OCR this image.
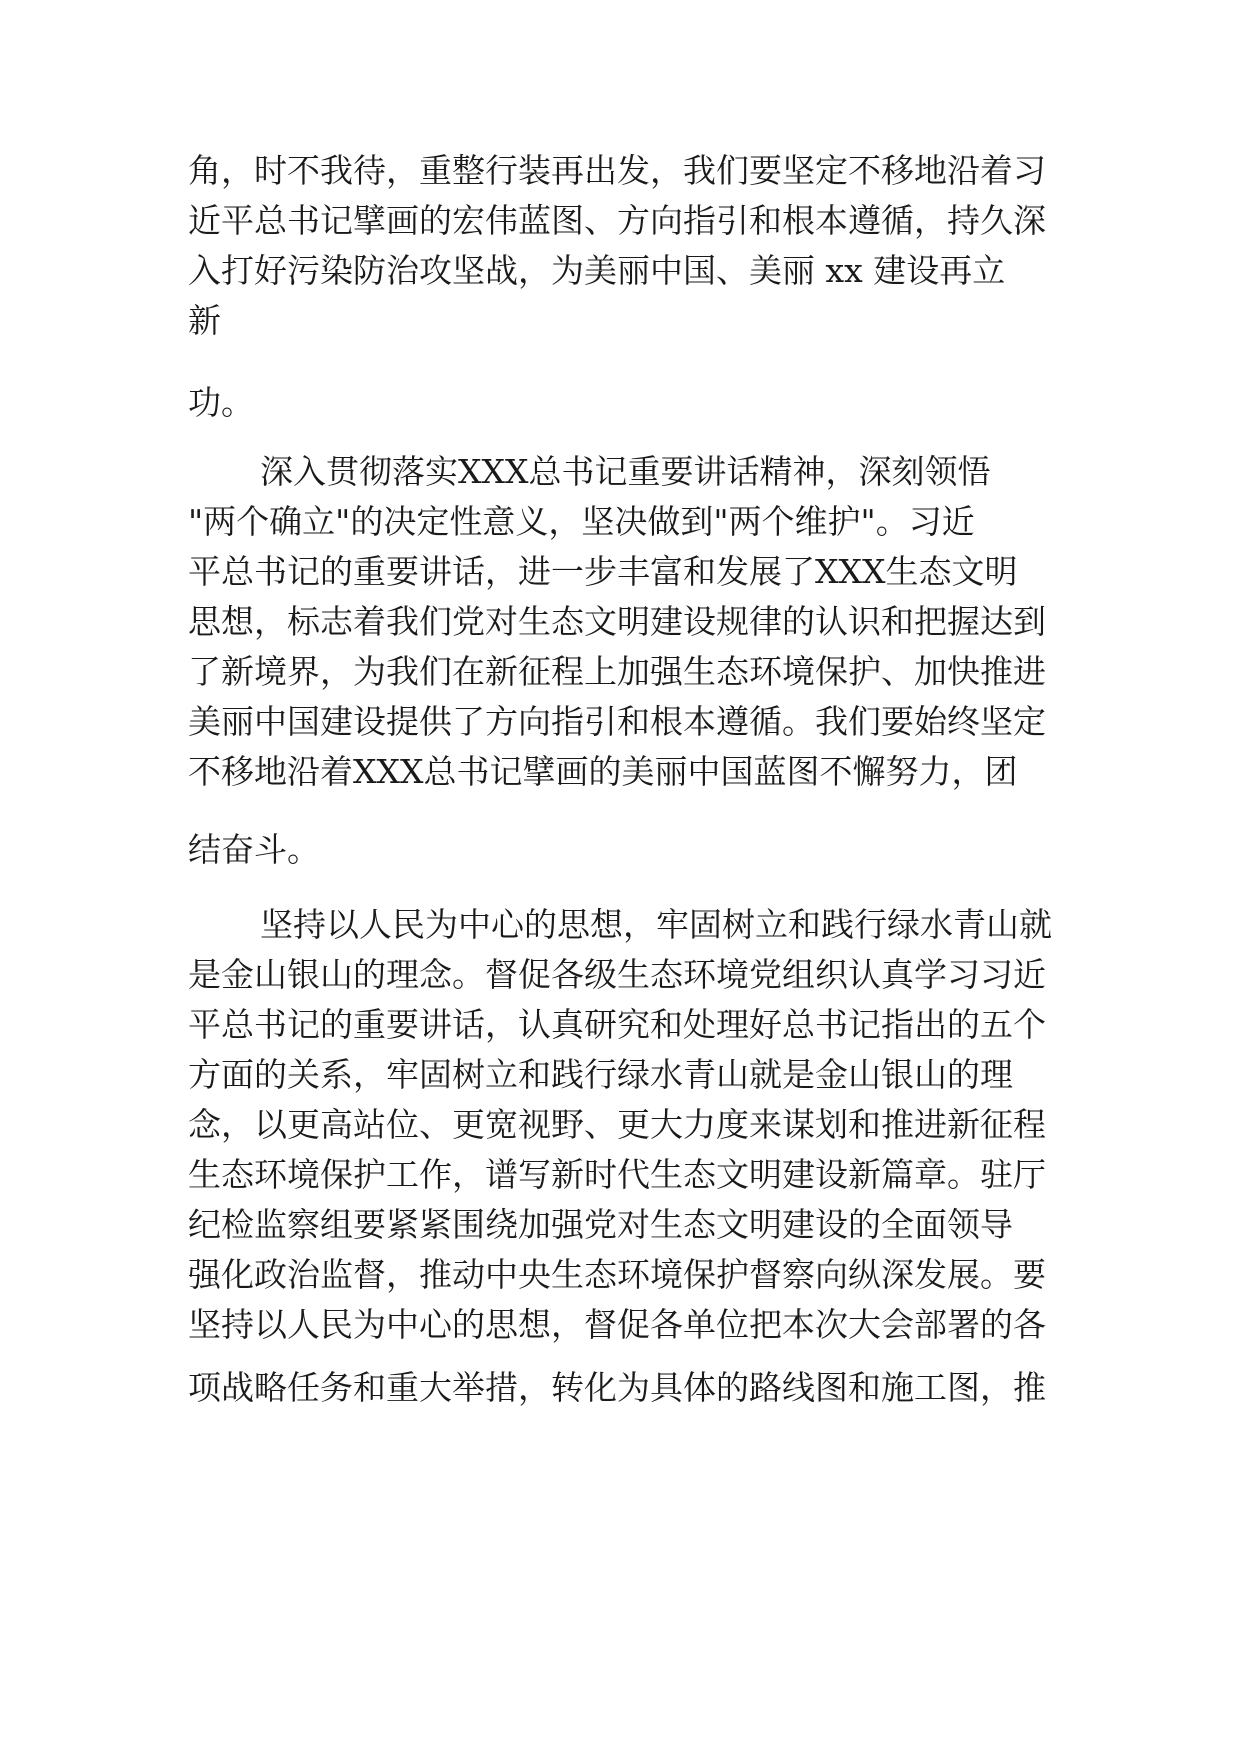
角，时不我待，重整行装再出发，我们要坚定不移地沿着习

近平总书记擘画的宏伟蓝图、方向指引和根本遵循，持久深

入打好污染防治攻坚战，为美丽中国、美丽 xx 建设再立

新

功。

深入贯彻落实XXX总书记重要讲话精神，深刻领悟

"两个确立"的决定性意义，坚决做到"两个维护"。习近

平总书记的重要讲话，进一步丰富和发展了XXX生态文明

思想，标志着我们党对生态文明建设规律的认识和把握达到

了新境界，为我们在新征程上加强生态环境保护、加快推进

美丽中国建设提供了方向指引和根本遵循。我们要始终坚定

不移地沿着XXX总书记擘画的美丽中国蓝图不懈努力，团

结奋斗。

坚持以人民为中心的思想，牢固树立和践行绿水青山就

是金山银山的理念。督促各级生态环境党组织认真学习习近

平总书记的重要讲话，认真研究和处理好总书记指出的五个

方面的关系，牢固树立和践行绿水青山就是金山银山的理

念，以更高站位、更宽视野、更大力度来谋划和推进新征程

生态环境保护工作，谱写新时代生态文明建设新篇章。驻厅

纪检监察组要紧紧围绕加强党对生态文明建设的全面领导

强化政治监督，推动中央生态环境保护督察向纵深发展。要

坚持以人民为中心的思想，督促各单位把本次大会部署的各

项战略任务和重大举措，转化为具体的路线图和施工图，推
